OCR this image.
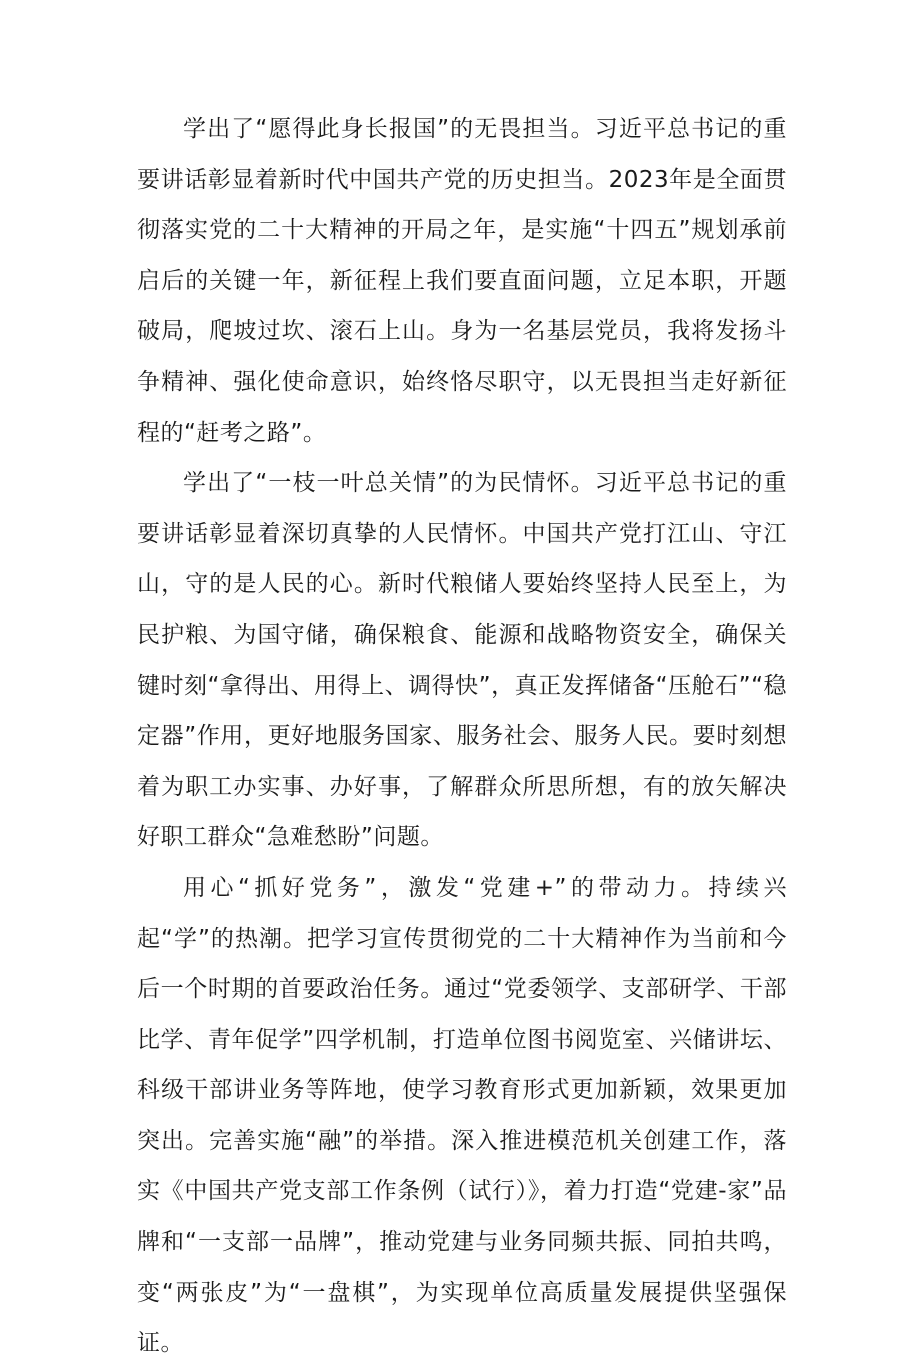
学出了“愿得此身长报国”的无畏担当。习近平总书记的重要讲话彰显着新时代中国共产党的历史担当。2023年是全面贯彻落实党的二十大精神的开局之年，是实施“十四五”规划承前启后的关键一年，新征程上我们要直面问题，立足本职，开题破局，爬坡过坎、滚石上山。身为一名基层党员，我将发扬斗争精神、强化使命意识，始终恪尽职守，以无畏担当走好新征程的“赶考之路”。

学出了“一枝一叶总关情”的为民情怀。习近平总书记的重要讲话彰显着深切真挚的人民情怀。中国共产党打江山、守江山，守的是人民的心。新时代粮储人要始终坚持人民至上，为民护粮、为国守储，确保粮食、能源和战略物资安全，确保关键时刻“拿得出、用得上、调得快”，真正发挥储备“压舱石”“稳定器”作用，更好地服务国家、服务社会、服务人民。要时刻想着为职工办实事、办好事，了解群众所思所想，有的放矢解决好职工群众“急难愁盼”问题。

用心“抓好党务”，激发“党建+”的带动力。持续兴起“学”的热潮。把学习宣传贯彻党的二十大精神作为当前和今后一个时期的首要政治任务。通过“党委领学、支部研学、干部比学、青年促学”四学机制，打造单位图书阅览室、兴储讲坛、科级干部讲业务等阵地，使学习教育形式更加新颖，效果更加突出。完善实施“融”的举措。深入推进模范机关创建工作，落实《中国共产党支部工作条例（试行）》，着力打造“党建-家”品牌和“一支部一品牌”，推动党建与业务同频共振、同拍共鸣，变“两张皮”为“一盘棋”，为实现单位高质量发展提供坚强保证。
